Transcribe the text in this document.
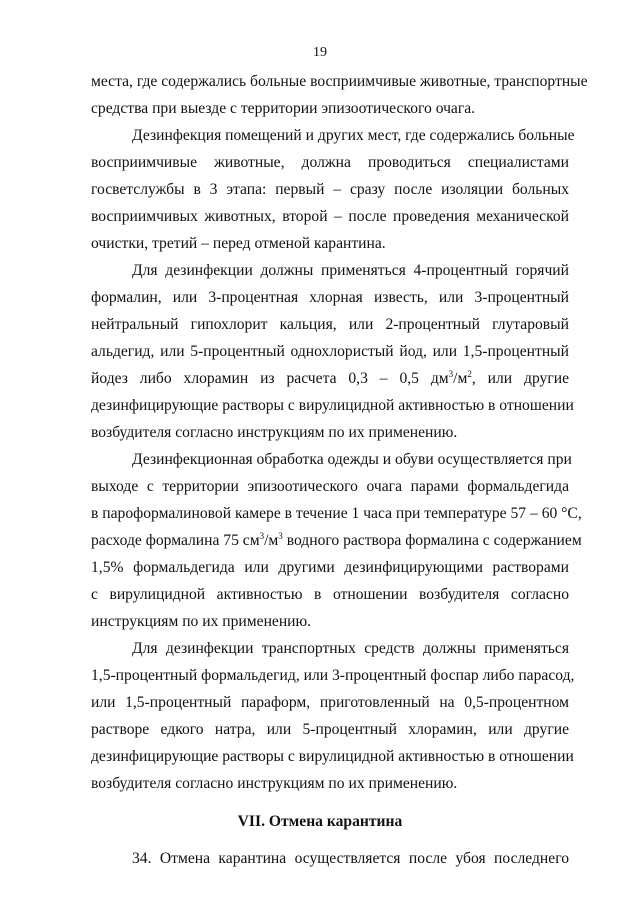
19
места, где содержались больные восприимчивые животные, транспортные
средства при выезде с территории эпизоотического очага.
Дезинфекция помещений и других мест, где содержались больные
восприимчивые животные, должна проводиться специалистами
госветслужбы в 3 этапа: первый – сразу после изоляции больных
восприимчивых животных, второй – после проведения механической
очистки, третий – перед отменой карантина.
Для дезинфекции должны применяться 4-процентный горячий
формалин, или 3-процентная хлорная известь, или 3-процентный
нейтральный гипохлорит кальция, или 2-процентный глутаровый
альдегид, или 5-процентный однохлористый йод, или 1,5-процентный
йодез либо хлорамин из расчета 0,3 – 0,5 $дм^3/м^2$, или другие
дезинфицирующие растворы с вирулицидной активностью в отношении
возбудителя согласно инструкциям по их применению.
Дезинфекционная обработка одежды и обуви осуществляется при
выходе с территории эпизоотического очага парами формальдегида
в пароформалиновой камере в течение 1 часа при температуре 57 – 60 °С,
расходе формалина 75 $см^3/м^3$ водного раствора формалина с содержанием
1,5% формальдегида или другими дезинфицирующими растворами
с вирулицидной активностью в отношении возбудителя согласно
инструкциям по их применению.
Для дезинфекции транспортных средств должны применяться
1,5-процентный формальдегид, или 3-процентный фоспар либо парасод,
или 1,5-процентный параформ, приготовленный на 0,5-процентном
растворе едкого натра, или 5-процентный хлорамин, или другие
дезинфицирующие растворы с вирулицидной активностью в отношении
возбудителя согласно инструкциям по их применению.
VII. Отмена карантина
34. Отмена карантина осуществляется после убоя последнего
